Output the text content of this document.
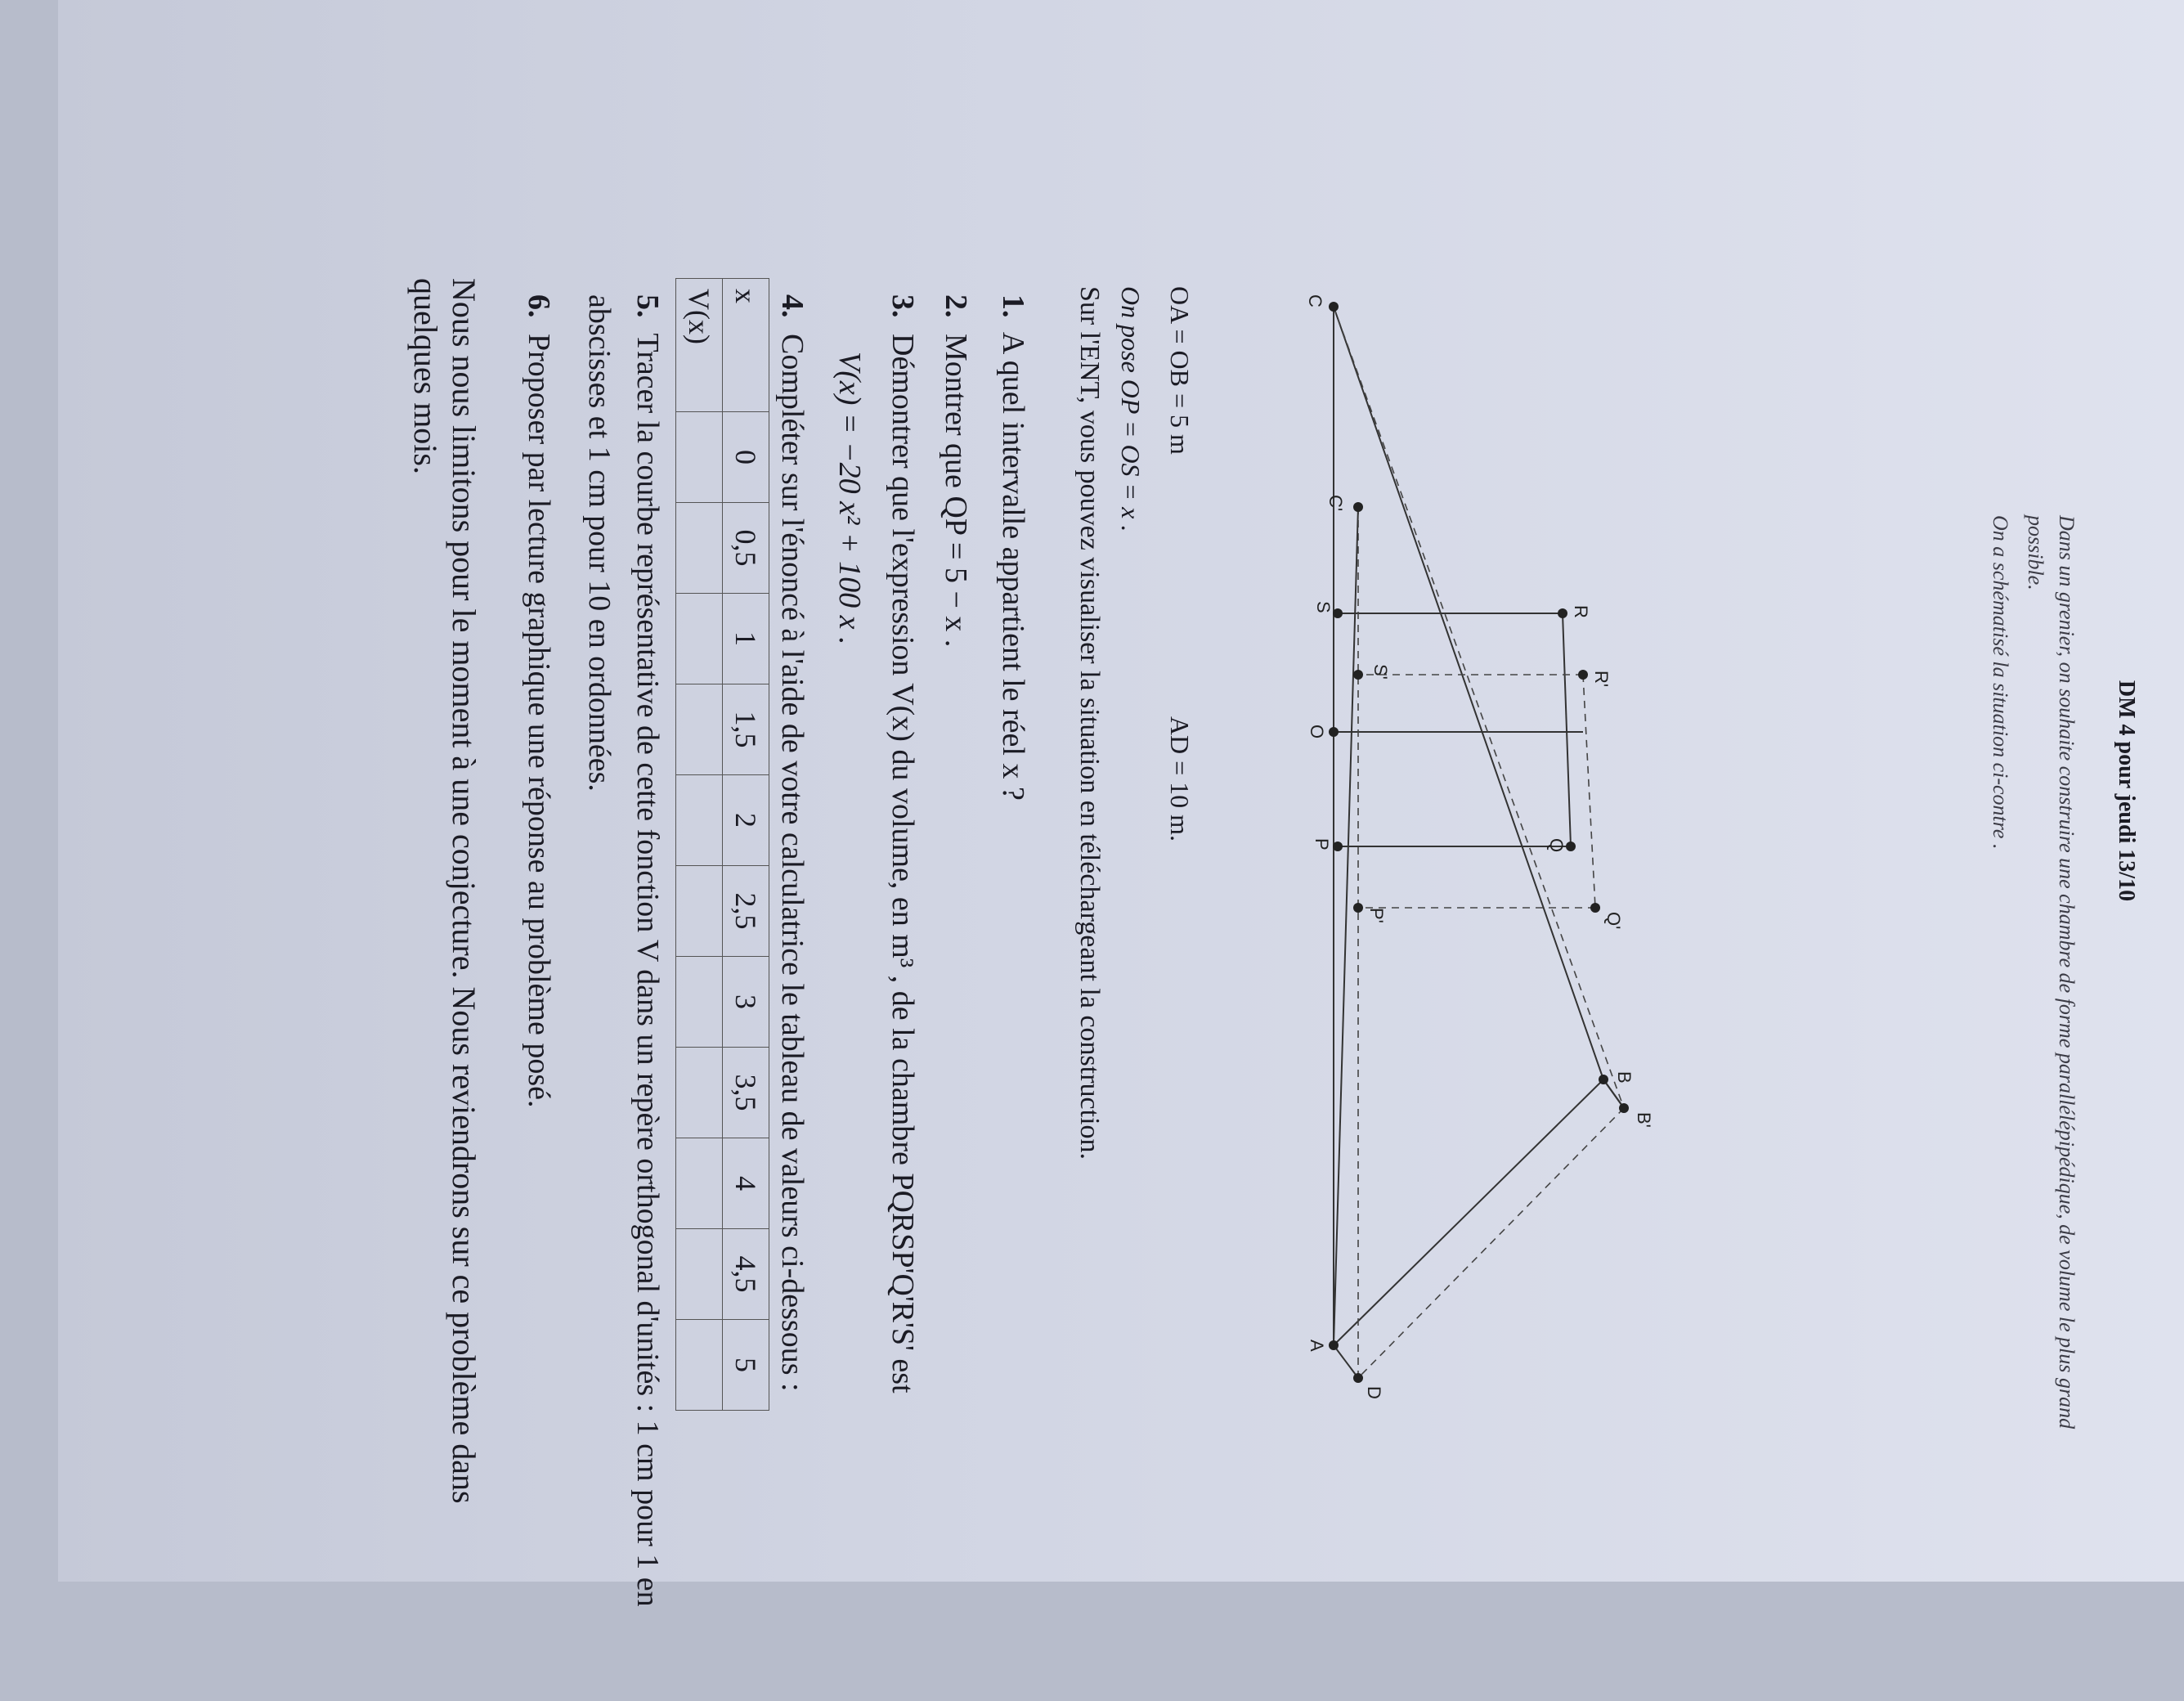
DM 4 pour jeudi 13/10

Dans un grenier, on souhaite construire une chambre de forme parallélépipédique, de volume le plus grand possible.

On a schématisé la situation ci-contre .

C
C'
R
R'
S
S'
O
B
B'
Q
Q'
P
P'
A
D
OA = OB = 5 m
AD = 10 m.
On pose OP = OS = x .
Sur l'ENT, vous pouvez visualiser la situation en téléchargeant la construction.
1. A quel intervalle appartient le réel x ?
2. Montrer que QP = 5 − x .
3. Démontrer que l'expression V(x) du volume, en m³ , de la chambre PQRSP'Q'R'S' est
V(x) = −20 x² + 100 x .
4. Compléter sur l'énoncé à l'aide de votre calculatrice le tableau de valeurs ci-dessous :
x	0	0,5	1	1,5	2	2,5	3	3,5	4	4,5	5
V(x)											
5. Tracer la courbe représentative de cette fonction V dans un repère orthogonal d'unités : 1 cm pour 1 en abscisses et 1 cm pour 10 en ordonnées.
6. Proposer par lecture graphique une réponse au problème posé.
Nous nous limitons pour le moment à une conjecture. Nous reviendrons sur ce problème dans quelques mois.
